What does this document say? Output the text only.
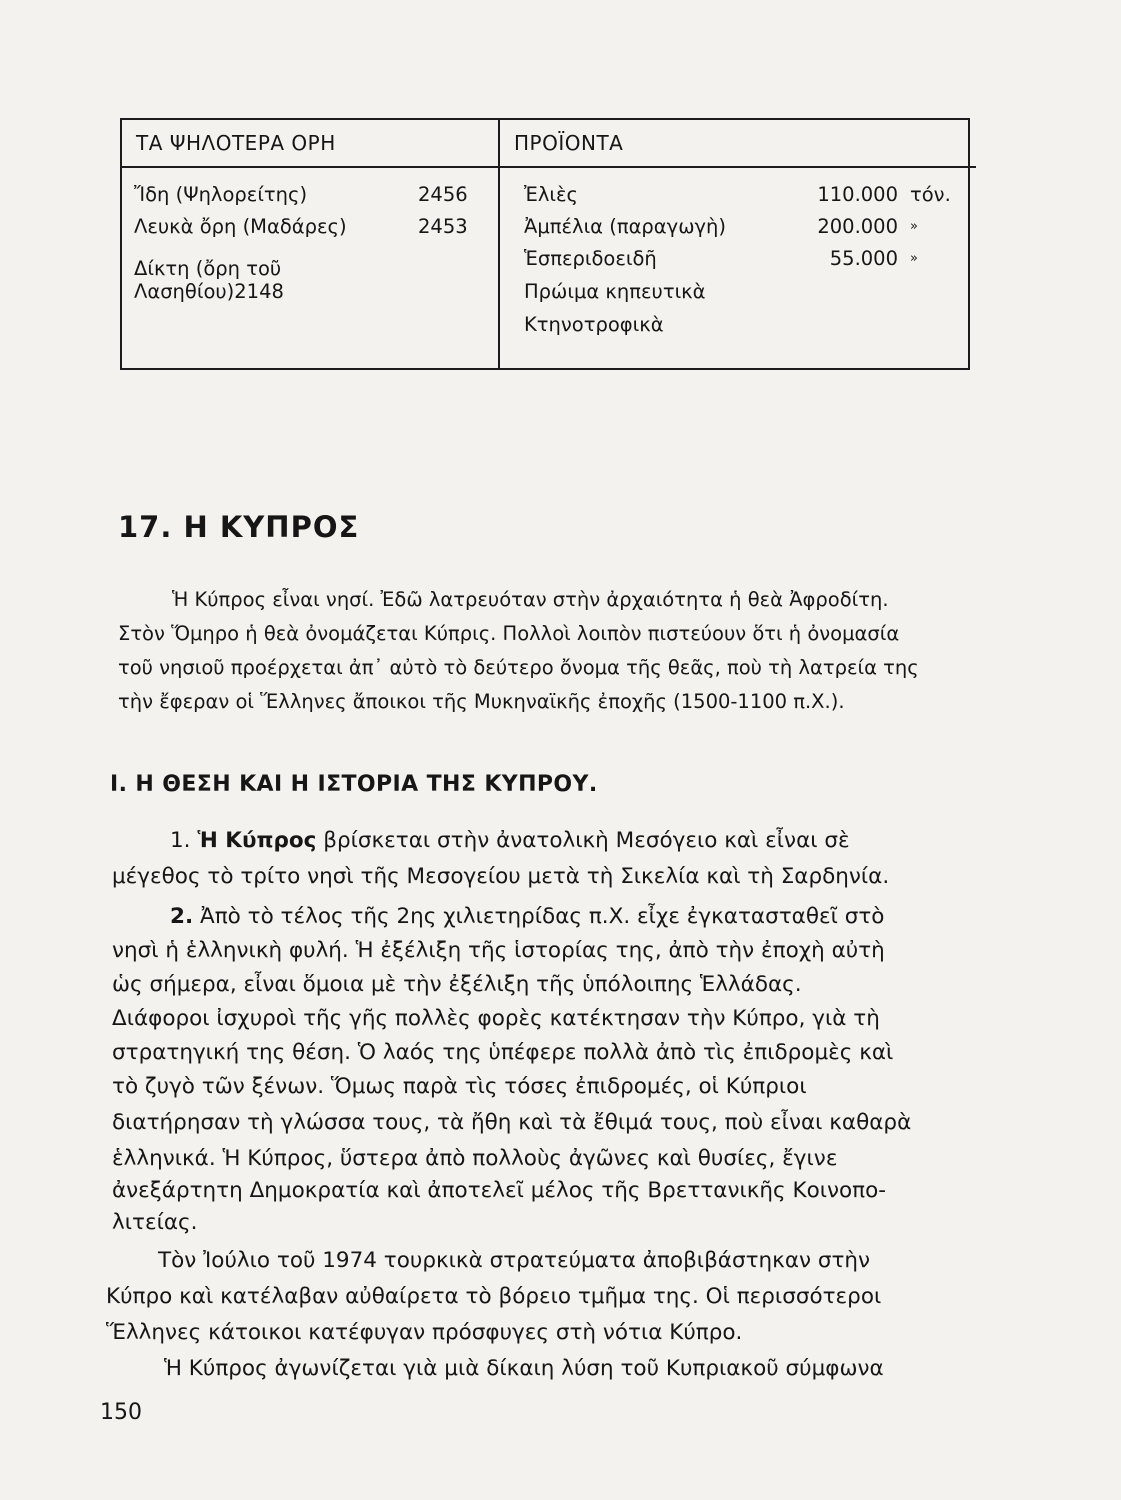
ΤΑ ΨΗΛΟΤΕΡΑ ΟΡΗ
Ἴδη (Ψηλορείτης)	2456
Λευκὰ ὄρη (Μαδάρες)	2453
Δίκτη (ὄρη τοῦ Λασηθίου)2148
ΠΡΟΪΟΝΤΑ
Ἐλιὲς	110.000 τόν.
Ἀμπέλια (παραγωγὴ)	200.000 »
Ἑσπεριδοειδῆ	55.000 »
Πρώιμα κηπευτικὰ
Κτηνοτροφικὰ
17. Η ΚΥΠΡΟΣ
Ἡ Κύπρος εἶναι νησί. Ἐδῶ λατρευόταν στὴν ἀρχαιότητα ἡ θεὰ Ἀφροδίτη.
Στὸν Ὅμηρο ἡ θεὰ ὀνομάζεται Κύπρις. Πολλοὶ λοιπὸν πιστεύουν ὅτι ἡ ὀνομασία
τοῦ νησιοῦ προέρχεται ἀπ᾿ αὐτὸ τὸ δεύτερο ὄνομα τῆς θεᾶς, ποὺ τὴ λατρεία της
τὴν ἔφεραν οἱ Ἕλληνες ἄποικοι τῆς Μυκηναϊκῆς ἐποχῆς (1500-1100 π.Χ.).
Ι. Η ΘΕΣΗ ΚΑΙ Η ΙΣΤΟΡΙΑ ΤΗΣ ΚΥΠΡΟΥ.
1. Ἡ Κύπρος βρίσκεται στὴν ἀνατολικὴ Μεσόγειο καὶ εἶναι σὲ
μέγεθος τὸ τρίτο νησὶ τῆς Μεσογείου μετὰ τὴ Σικελία καὶ τὴ Σαρδηνία.
2. Ἀπὸ τὸ τέλος τῆς 2ης χιλιετηρίδας π.Χ. εἶχε ἐγκατασταθεῖ στὸ
νησὶ ἡ ἑλληνικὴ φυλή. Ἡ ἐξέλιξη τῆς ἱστορίας της, ἀπὸ τὴν ἐποχὴ αὐτὴ
ὡς σήμερα, εἶναι ὅμοια μὲ τὴν ἐξέλιξη τῆς ὑπόλοιπης Ἑλλάδας.
Διάφοροι ἰσχυροὶ τῆς γῆς πολλὲς φορὲς κατέκτησαν τὴν Κύπρο, γιὰ τὴ
στρατηγική της θέση. Ὁ λαός της ὑπέφερε πολλὰ ἀπὸ τὶς ἐπιδρομὲς καὶ
τὸ ζυγὸ τῶν ξένων. Ὅμως παρὰ τὶς τόσες ἐπιδρομές, οἱ Κύπριοι
διατήρησαν τὴ γλώσσα τους, τὰ ἤθη καὶ τὰ ἔθιμά τους, ποὺ εἶναι καθαρὰ
ἑλληνικά. Ἡ Κύπρος, ὕστερα ἀπὸ πολλοὺς ἀγῶνες καὶ θυσίες, ἔγινε
ἀνεξάρτητη Δημοκρατία καὶ ἀποτελεῖ μέλος τῆς Βρεττανικῆς Κοινοπο-
λιτείας.
Τὸν Ἰούλιο τοῦ 1974 τουρκικὰ στρατεύματα ἀποβιβάστηκαν στὴν
Κύπρο καὶ κατέλαβαν αὐθαίρετα τὸ βόρειο τμῆμα της. Οἱ περισσότεροι
Ἕλληνες κάτοικοι κατέφυγαν πρόσφυγες στὴ νότια Κύπρο.
Ἡ Κύπρος ἀγωνίζεται γιὰ μιὰ δίκαιη λύση τοῦ Κυπριακοῦ σύμφωνα
150
